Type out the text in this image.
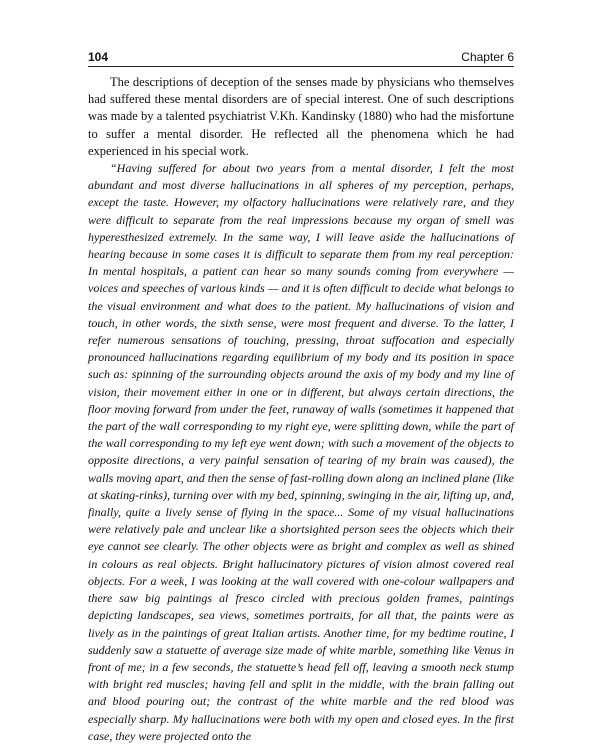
104	Chapter 6

The descriptions of deception of the senses made by physicians who themselves had suffered these mental disorders are of special interest. One of such descriptions was made by a talented psychiatrist V.Kh. Kandinsky (1880) who had the misfortune to suffer a mental disorder. He reflected all the phenomena which he had experienced in his special work.

“Having suffered for about two years from a mental disorder, I felt the most abundant and most diverse hallucinations in all spheres of my perception, perhaps, except the taste. However, my olfactory hallucinations were relatively rare, and they were difficult to separate from the real impressions because my organ of smell was hyperesthesized extremely. In the same way, I will leave aside the hallucinations of hearing because in some cases it is difficult to separate them from my real perception: In mental hospitals, a patient can hear so many sounds coming from everywhere — voices and speeches of various kinds — and it is often difficult to decide what belongs to the visual environment and what does to the patient. My hallucinations of vision and touch, in other words, the sixth sense, were most frequent and diverse. To the latter, I refer numerous sensations of touching, pressing, throat suffocation and especially pronounced hallucinations regarding equilibrium of my body and its position in space such as: spinning of the surrounding objects around the axis of my body and my line of vision, their movement either in one or in different, but always certain directions, the floor moving forward from under the feet, runaway of walls (sometimes it happened that the part of the wall corresponding to my right eye, were splitting down, while the part of the wall corresponding to my left eye went down; with such a movement of the objects to opposite directions, a very painful sensation of tearing of my brain was caused), the walls moving apart, and then the sense of fast-rolling down along an inclined plane (like at skating-rinks), turning over with my bed, spinning, swinging in the air, lifting up, and, finally, quite a lively sense of flying in the space... Some of my visual hallucinations were relatively pale and unclear like a shortsighted person sees the objects which their eye cannot see clearly. The other objects were as bright and complex as well as shined in colours as real objects. Bright hallucinatory pictures of vision almost covered real objects. For a week, I was looking at the wall covered with one-colour wallpapers and there saw big paintings al fresco circled with precious golden frames, paintings depicting landscapes, sea views, sometimes portraits, for all that, the paints were as lively as in the paintings of great Italian artists. Another time, for my bedtime routine, I suddenly saw a statuette of average size made of white marble, something like Venus in front of me; in a few seconds, the statuette’s head fell off, leaving a smooth neck stump with bright red muscles; having fell and split in the middle, with the brain falling out and blood pouring out; the contrast of the white marble and the red blood was especially sharp. My hallucinations were both with my open and closed eyes. In the first case, they were projected onto the
